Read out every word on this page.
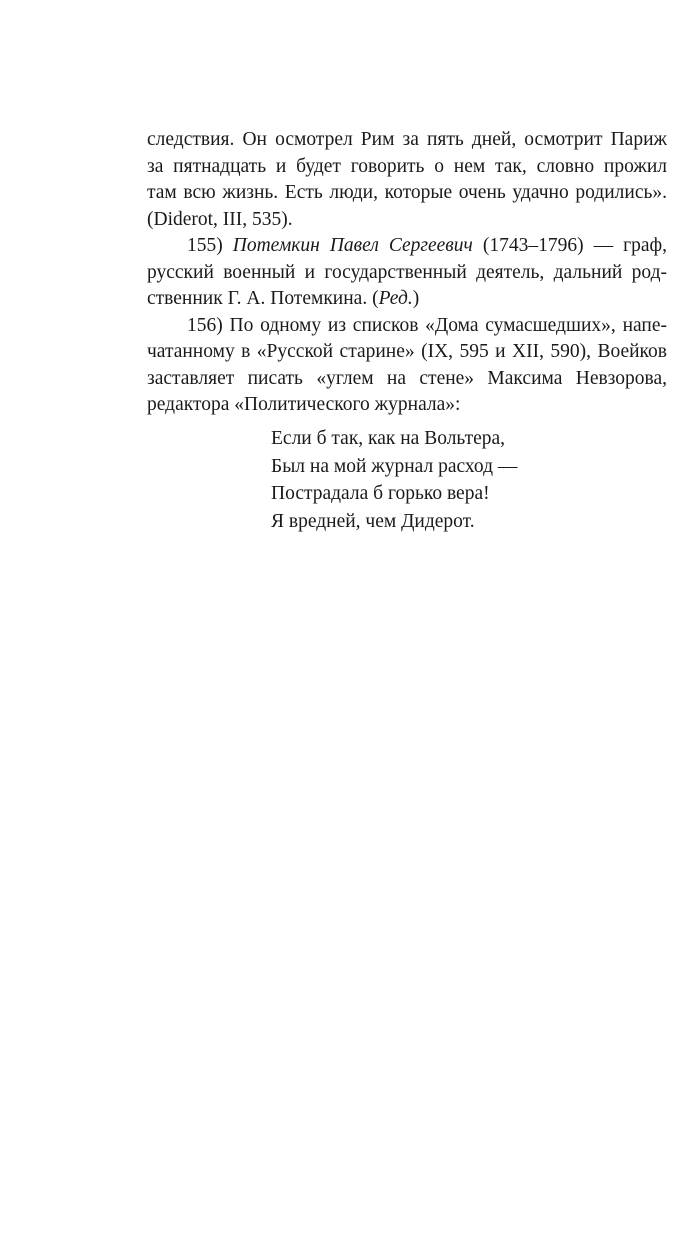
следствия. Он осмотрел Рим за пять дней, осмотрит Париж
за пятнадцать и будет говорить о нем так, словно прожил
там всю жизнь. Есть люди, которые очень удачно родились».
(Diderot, III, 535).
155) Потемкин Павел Сергеевич (1743–1796) — граф,
русский военный и государственный деятель, дальний род-
ственник Г. А. Потемкина. (Ред.)
156) По одному из списков «Дома сумасшедших», напе-
чатанному в «Русской старине» (IX, 595 и XII, 590), Воейков
заставляет писать «углем на стене» Максима Невзорова,
редактора «Политического журнала»:
Если б так, как на Вольтера,
Был на мой журнал расход —
Пострадала б горько вера!
Я вредней, чем Дидерот.
